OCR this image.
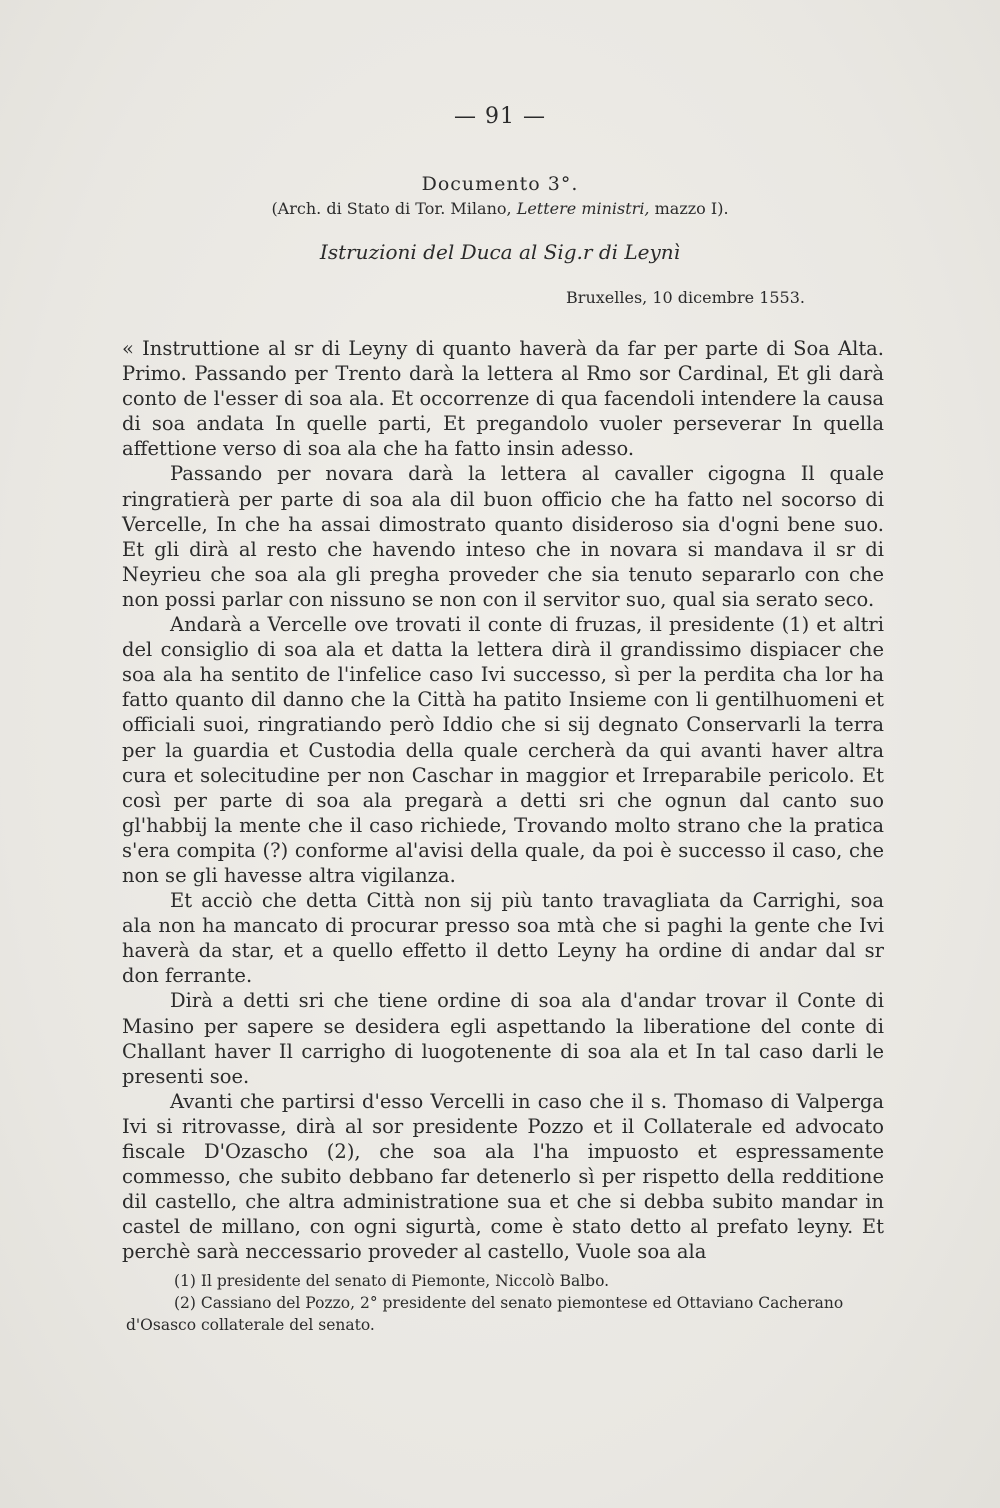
— 91 —
Documento 3°.
(Arch. di Stato di Tor. Milano, Lettere ministri, mazzo I).
Istruzioni del Duca al Sig.r di Leynì
Bruxelles, 10 dicembre 1553.

« Instruttione al sr di Leyny di quanto haverà da far per parte di Soa Alta. Primo. Passando per Trento darà la lettera al Rmo sor Cardinal, Et gli darà conto de l'esser di soa ala. Et occorrenze di qua facendoli intendere la causa di soa andata In quelle parti, Et pregandolo vuoler perseverar In quella affettione verso di soa ala che ha fatto insin adesso.

Passando per novara darà la lettera al cavaller cigogna Il quale ringratierà per parte di soa ala dil buon officio che ha fatto nel socorso di Vercelle, In che ha assai dimostrato quanto disideroso sia d'ogni bene suo. Et gli dirà al resto che havendo inteso che in novara si mandava il sr di Neyrieu che soa ala gli pregha proveder che sia tenuto separarlo con che non possi parlar con nissuno se non con il servitor suo, qual sia serato seco.

Andarà a Vercelle ove trovati il conte di fruzas, il presidente (1) et altri del consiglio di soa ala et datta la lettera dirà il grandissimo dispiacer che soa ala ha sentito de l'infelice caso Ivi successo, sì per la perdita cha lor ha fatto quanto dil danno che la Città ha patito Insieme con li gentilhuomeni et officiali suoi, ringratiando però Iddio che si sij degnato Conservarli la terra per la guardia et Custodia della quale cercherà da qui avanti haver altra cura et solecitudine per non Caschar in maggior et Irreparabile pericolo. Et così per parte di soa ala pregarà a detti sri che ognun dal canto suo gl'habbij la mente che il caso richiede, Trovando molto strano che la pratica s'era compita (?) conforme al'avisi della quale, da poi è successo il caso, che non se gli havesse altra vigilanza.

Et acciò che detta Città non sij più tanto travagliata da Carrighi, soa ala non ha mancato di procurar presso soa mtà che si paghi la gente che Ivi haverà da star, et a quello effetto il detto Leyny ha ordine di andar dal sr don ferrante.

Dirà a detti sri che tiene ordine di soa ala d'andar trovar il Conte di Masino per sapere se desidera egli aspettando la liberatione del conte di Challant haver Il carrigho di luogotenente di soa ala et In tal caso darli le presenti soe.

Avanti che partirsi d'esso Vercelli in caso che il s. Thomaso di Valperga Ivi si ritrovasse, dirà al sor presidente Pozzo et il Collaterale ed advocato fiscale D'Ozascho (2), che soa ala l'ha impuosto et espressamente commesso, che subito debbano far detenerlo sì per rispetto della redditione dil castello, che altra administratione sua et che si debba subito mandar in castel de millano, con ogni sigurtà, come è stato detto al prefato leyny. Et perchè sarà neccessario proveder al castello, Vuole soa ala

(1) Il presidente del senato di Piemonte, Niccolò Balbo.

(2) Cassiano del Pozzo, 2° presidente del senato piemontese ed Ottaviano Cacherano d'Osasco collaterale del senato.
